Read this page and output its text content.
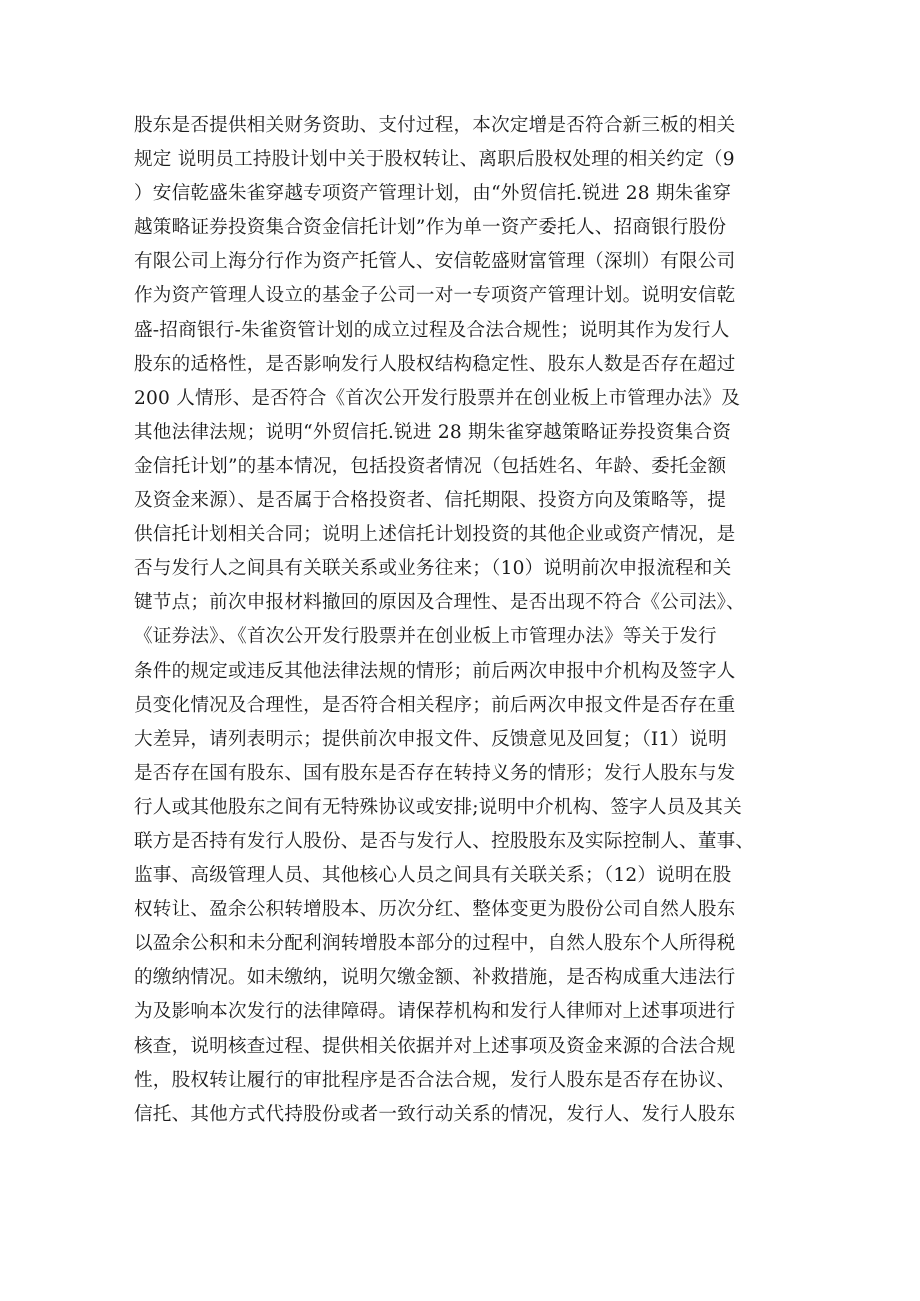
股东是否提供相关财务资助、支付过程，本次定增是否符合新三板的相关
规定 说明员工持股计划中关于股权转让、离职后股权处理的相关约定（9
）安信乾盛朱雀穿越专项资产管理计划，由“外贸信托.锐进 28 期朱雀穿
越策略证券投资集合资金信托计划”作为单一资产委托人、招商银行股份
有限公司上海分行作为资产托管人、安信乾盛财富管理（深圳）有限公司
作为资产管理人设立的基金子公司一对一专项资产管理计划。说明安信乾
盛-招商银行-朱雀资管计划的成立过程及合法合规性；说明其作为发行人
股东的适格性，是否影响发行人股权结构稳定性、股东人数是否存在超过
200 人情形、是否符合《首次公开发行股票并在创业板上市管理办法》及
其他法律法规；说明“外贸信托.锐进 28 期朱雀穿越策略证券投资集合资
金信托计划”的基本情况，包括投资者情况（包括姓名、年龄、委托金额
及资金来源）、是否属于合格投资者、信托期限、投资方向及策略等，提
供信托计划相关合同；说明上述信托计划投资的其他企业或资产情况，是
否与发行人之间具有关联关系或业务往来；（10）说明前次申报流程和关
键节点；前次申报材料撤回的原因及合理性、是否出现不符合《公司法》、
《证券法》、《首次公开发行股票并在创业板上市管理办法》等关于发行
条件的规定或违反其他法律法规的情形；前后两次申报中介机构及签字人
员变化情况及合理性，是否符合相关程序；前后两次申报文件是否存在重
大差异，请列表明示；提供前次申报文件、反馈意见及回复；（I1）说明
是否存在国有股东、国有股东是否存在转持义务的情形；发行人股东与发
行人或其他股东之间有无特殊协议或安排;说明中介机构、签字人员及其关
联方是否持有发行人股份、是否与发行人、控股股东及实际控制人、董事、
监事、高级管理人员、其他核心人员之间具有关联关系；（12）说明在股
权转让、盈余公积转增股本、历次分红、整体变更为股份公司自然人股东
以盈余公积和未分配利润转增股本部分的过程中，自然人股东个人所得税
的缴纳情况。如未缴纳，说明欠缴金额、补救措施，是否构成重大违法行
为及影响本次发行的法律障碍。请保荐机构和发行人律师对上述事项进行
核查，说明核查过程、提供相关依据并对上述事项及资金来源的合法合规
性，股权转让履行的审批程序是否合法合规，发行人股东是否存在协议、
信托、其他方式代持股份或者一致行动关系的情况，发行人、发行人股东
